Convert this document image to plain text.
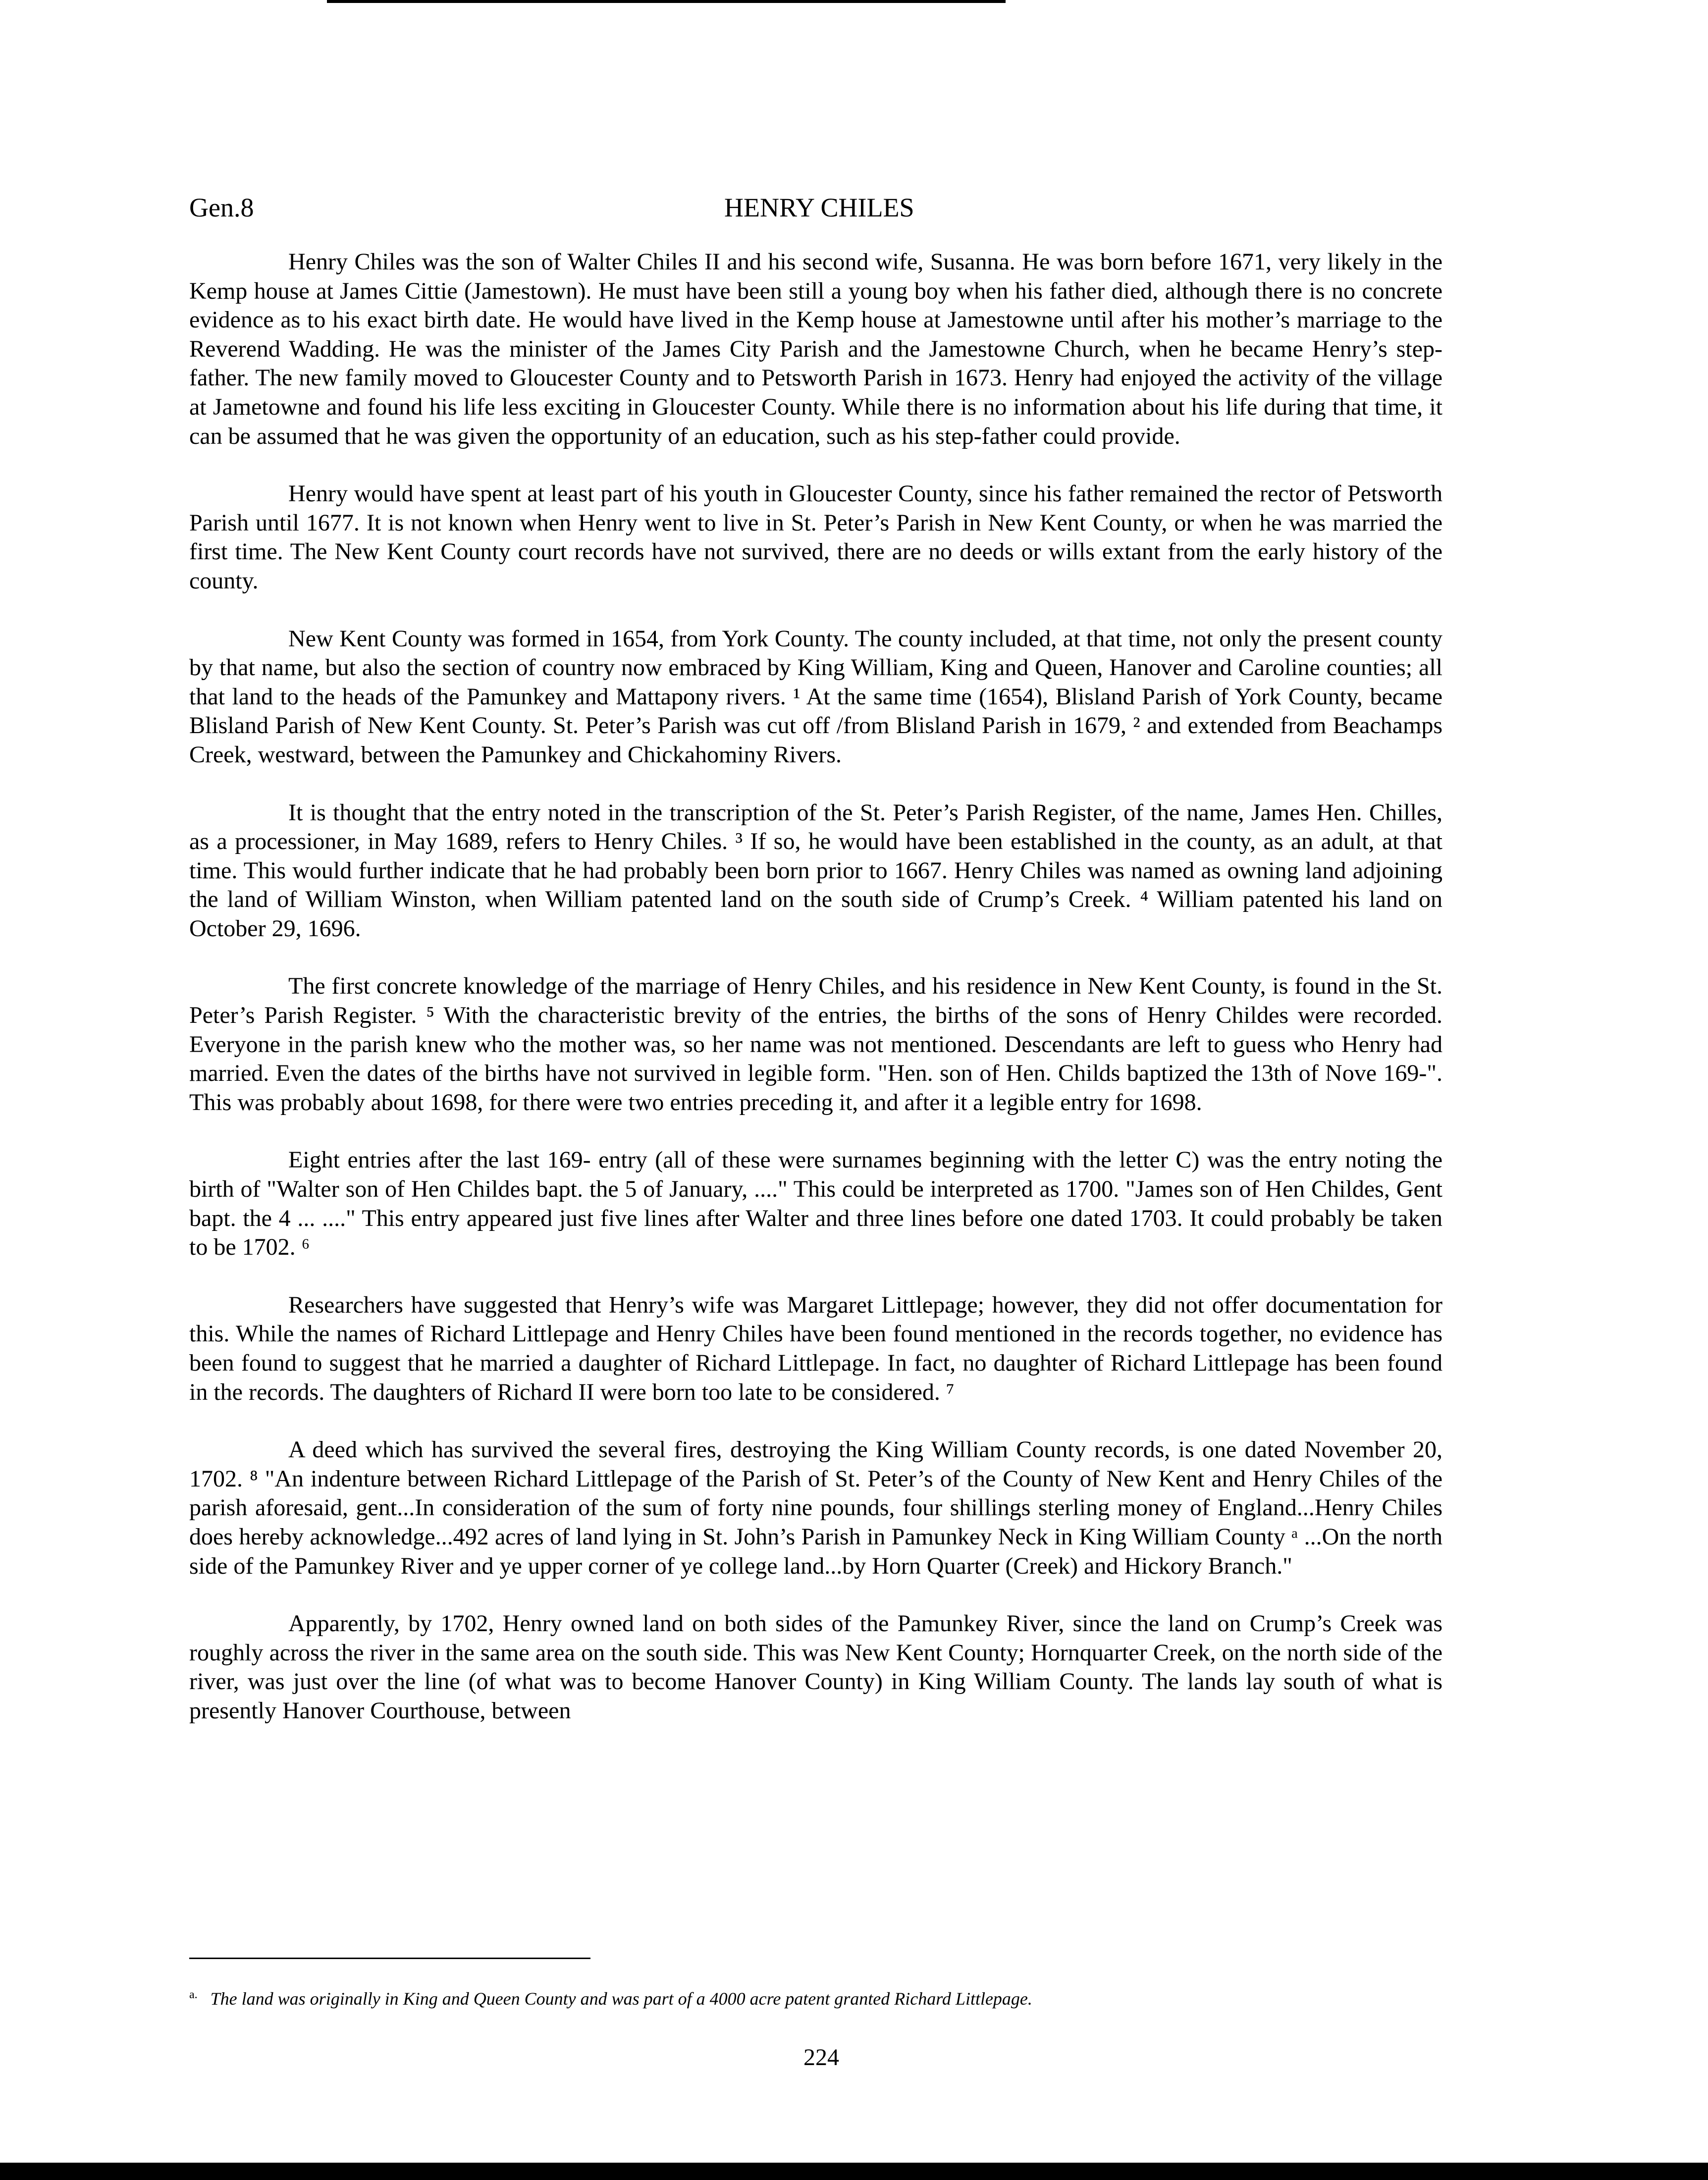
Gen.8	HENRY CHILES

Henry Chiles was the son of Walter Chiles II and his second wife, Susanna. He was born before 1671, very likely in the Kemp house at James Cittie (Jamestown). He must have been still a young boy when his father died, although there is no concrete evidence as to his exact birth date. He would have lived in the Kemp house at Jamestowne until after his mother’s marriage to the Reverend Wadding. He was the minister of the James City Parish and the Jamestowne Church, when he became Henry’s step-father. The new family moved to Gloucester County and to Petsworth Parish in 1673. Henry had enjoyed the activity of the village at Jametowne and found his life less exciting in Gloucester County. While there is no information about his life during that time, it can be assumed that he was given the opportunity of an education, such as his step-father could provide.

Henry would have spent at least part of his youth in Gloucester County, since his father remained the rector of Petsworth Parish until 1677. It is not known when Henry went to live in St. Peter’s Parish in New Kent County, or when he was married the first time. The New Kent County court records have not survived, there are no deeds or wills extant from the early history of the county.

New Kent County was formed in 1654, from York County. The county included, at that time, not only the present county by that name, but also the section of country now embraced by King William, King and Queen, Hanover and Caroline counties; all that land to the heads of the Pamunkey and Mattapony rivers. ¹ At the same time (1654), Blisland Parish of York County, became Blisland Parish of New Kent County. St. Peter’s Parish was cut off /from Blisland Parish in 1679, ² and extended from Beachamps Creek, westward, between the Pamunkey and Chickahominy Rivers.

It is thought that the entry noted in the transcription of the St. Peter’s Parish Register, of the name, James Hen. Chilles, as a processioner, in May 1689, refers to Henry Chiles. ³ If so, he would have been established in the county, as an adult, at that time. This would further indicate that he had probably been born prior to 1667. Henry Chiles was named as owning land adjoining the land of William Winston, when William patented land on the south side of Crump’s Creek. ⁴ William patented his land on October 29, 1696.

The first concrete knowledge of the marriage of Henry Chiles, and his residence in New Kent County, is found in the St. Peter’s Parish Register. ⁵ With the characteristic brevity of the entries, the births of the sons of Henry Childes were recorded. Everyone in the parish knew who the mother was, so her name was not mentioned. Descendants are left to guess who Henry had married. Even the dates of the births have not survived in legible form. "Hen. son of Hen. Childs baptized the 13th of Nove 169-". This was probably about 1698, for there were two entries preceding it, and after it a legible entry for 1698.

Eight entries after the last 169- entry (all of these were surnames beginning with the letter C) was the entry noting the birth of "Walter son of Hen Childes bapt. the 5 of January, ...." This could be interpreted as 1700. "James son of Hen Childes, Gent bapt. the 4 ... ...." This entry appeared just five lines after Walter and three lines before one dated 1703. It could probably be taken to be 1702. ⁶

Researchers have suggested that Henry’s wife was Margaret Littlepage; however, they did not offer documentation for this. While the names of Richard Littlepage and Henry Chiles have been found mentioned in the records together, no evidence has been found to suggest that he married a daughter of Richard Littlepage. In fact, no daughter of Richard Littlepage has been found in the records. The daughters of Richard II were born too late to be considered. ⁷

A deed which has survived the several fires, destroying the King William County records, is one dated November 20, 1702. ⁸ "An indenture between Richard Littlepage of the Parish of St. Peter’s of the County of New Kent and Henry Chiles of the parish aforesaid, gent...In consideration of the sum of forty nine pounds, four shillings sterling money of England...Henry Chiles does hereby acknowledge...492 acres of land lying in St. John’s Parish in Pamunkey Neck in King William County ᵃ ...On the north side of the Pamunkey River and ye upper corner of ye college land...by Horn Quarter (Creek) and Hickory Branch."

Apparently, by 1702, Henry owned land on both sides of the Pamunkey River, since the land on Crump’s Creek was roughly across the river in the same area on the south side. This was New Kent County; Hornquarter Creek, on the north side of the river, was just over the line (of what was to become Hanover County) in King William County. The lands lay south of what is presently Hanover Courthouse, between

$^{a.}$ The land was originally in King and Queen County and was part of a 4000 acre patent granted Richard Littlepage.
224
